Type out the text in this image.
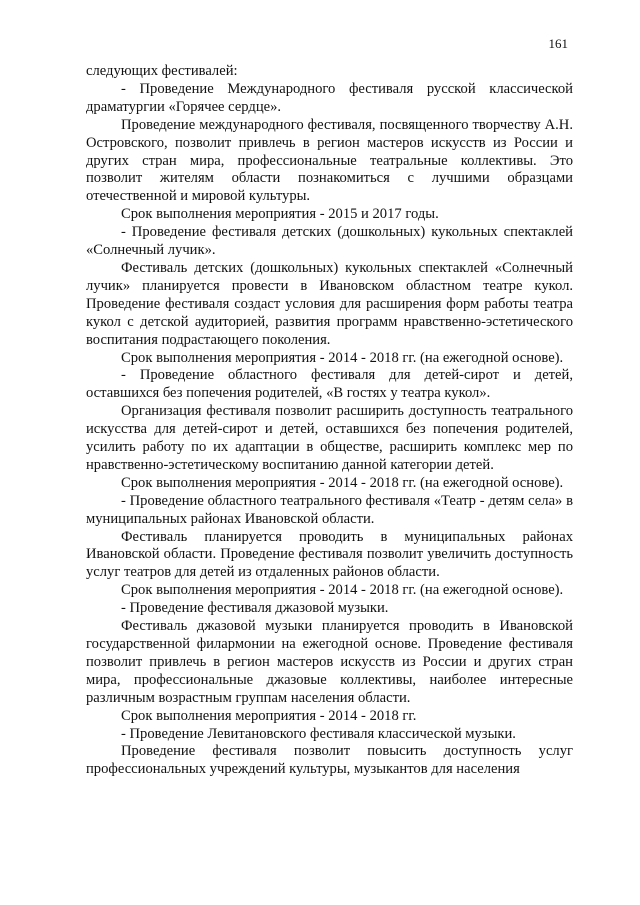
161

следующих фестивалей:

- Проведение Международного фестиваля русской классической драматургии «Горячее сердце».

Проведение международного фестиваля, посвященного творчеству А.Н. Островского, позволит привлечь в регион мастеров искусств из России и других стран мира, профессиональные театральные коллективы. Это позволит жителям области познакомиться с лучшими образцами отечественной и мировой культуры.

Срок выполнения мероприятия - 2015 и 2017 годы.

- Проведение фестиваля детских (дошкольных) кукольных спектаклей «Солнечный лучик».

Фестиваль детских (дошкольных) кукольных спектаклей «Солнечный лучик» планируется провести в Ивановском областном театре кукол. Проведение фестиваля создаст условия для расширения форм работы театра кукол с детской аудиторией, развития программ нравственно-эстетического воспитания подрастающего поколения.

Срок выполнения мероприятия - 2014 - 2018 гг. (на ежегодной основе).

- Проведение областного фестиваля для детей-сирот и детей, оставшихся без попечения родителей, «В гостях у театра кукол».

Организация фестиваля позволит расширить доступность театрального искусства для детей-сирот и детей, оставшихся без попечения родителей, усилить работу по их адаптации в обществе, расширить комплекс мер по нравственно-эстетическому воспитанию данной категории детей.

Срок выполнения мероприятия - 2014 - 2018 гг. (на ежегодной основе).

- Проведение областного театрального фестиваля «Театр - детям села» в муниципальных районах Ивановской области.

Фестиваль планируется проводить в муниципальных районах Ивановской области. Проведение фестиваля позволит увеличить доступность услуг театров для детей из отдаленных районов области.

Срок выполнения мероприятия - 2014 - 2018 гг. (на ежегодной основе).

- Проведение фестиваля джазовой музыки.

Фестиваль джазовой музыки планируется проводить в Ивановской государственной филармонии на ежегодной основе. Проведение фестиваля позволит привлечь в регион мастеров искусств из России и других стран мира, профессиональные джазовые коллективы, наиболее интересные различным возрастным группам населения области.

Срок выполнения мероприятия - 2014 - 2018 гг.

- Проведение Левитановского фестиваля классической музыки.

Проведение фестиваля позволит повысить доступность услуг профессиональных учреждений культуры, музыкантов для населения
